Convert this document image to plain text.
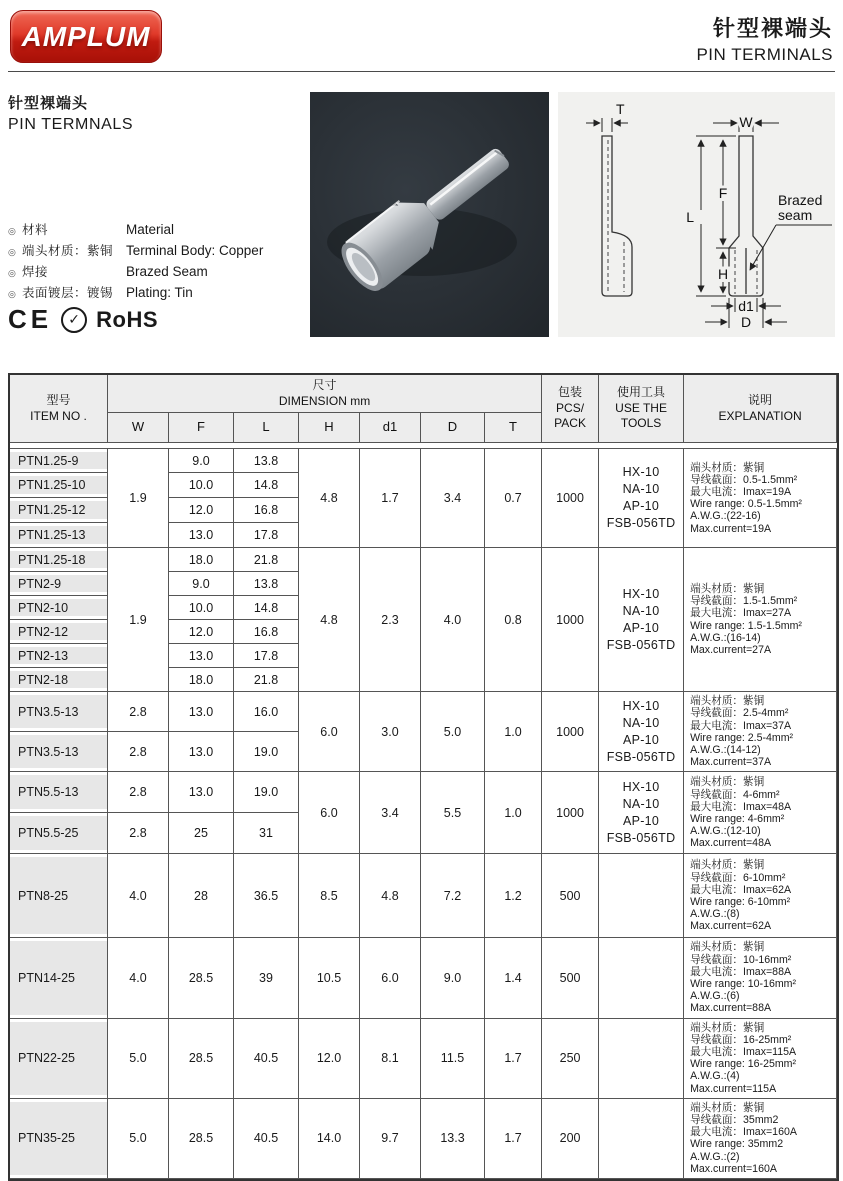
AMPLUM	针型裸端头
PIN TERMINALS
针型裸端头
PIN TERMNALS
◎ 材料	Material
◎ 端头材质：紫铜 Terminal Body: Copper
◎ 焊接	Brazed Seam
◎ 表面镀层：镀锡 Plating: Tin
CE	✓ RoHS
T
W
L
F
H
d1
D
Brazed
seam
型号
ITEM NO .

尺寸
DIMENSION mm

包装
PCS/
PACK

使用工具
USE THE
TOOLS

说明
EXPLANATION

	W	F	L	H	d1	D	T			

PTN1.25-9	1.9	9.0	13.8	4.8	1.7	3.4	0.7	1000	
HX-10
NA-10
AP-10
FSB-056TD

端头材质：紫铜
导线截面：0.5-1.5mm²
最大电流：Imax=19A
Wire range: 0.5-1.5mm²
A.W.G.:(22-16)
Max.current=19A

PTN1.25-10		10.0	14.8							
PTN1.25-12		12.0	16.8							
PTN1.25-13		13.0	17.8							
PTN1.25-18	1.9	18.0	21.8	4.8	2.3	4.0	0.8	1000	
HX-10
NA-10
AP-10
FSB-056TD

端头材质：紫铜
导线截面：1.5-1.5mm²
最大电流：Imax=27A
Wire range: 1.5-1.5mm²
A.W.G.:(16-14)
Max.current=27A

PTN2-9		9.0	13.8							
PTN2-10		10.0	14.8							
PTN2-12		12.0	16.8							
PTN2-13		13.0	17.8							
PTN2-18		18.0	21.8							
PTN3.5-13	2.8	13.0	16.0	6.0	3.0	5.0	1.0	1000	
HX-10
NA-10
AP-10
FSB-056TD

端头材质：紫铜
导线截面：2.5-4mm²
最大电流：Imax=37A
Wire range: 2.5-4mm²
A.W.G.:(14-12)
Max.current=37A

PTN3.5-13	2.8	13.0	19.0							
PTN5.5-13	2.8	13.0	19.0	6.0	3.4	5.5	1.0	1000	
HX-10
NA-10
AP-10
FSB-056TD

端头材质：紫铜
导线截面：4-6mm²
最大电流：Imax=48A
Wire range: 4-6mm²
A.W.G.:(12-10)
Max.current=48A

PTN5.5-25	2.8	25	31							
PTN8-25	4.0	28	36.5	8.5	4.8	7.2	1.2	500		
端头材质：紫铜
导线截面：6-10mm²
最大电流：Imax=62A
Wire range: 6-10mm²
A.W.G.:(8)
Max.current=62A

PTN14-25	4.0	28.5	39	10.5	6.0	9.0	1.4	500		
端头材质：紫铜
导线截面：10-16mm²
最大电流：Imax=88A
Wire range: 10-16mm²
A.W.G.:(6)
Max.current=88A

PTN22-25	5.0	28.5	40.5	12.0	8.1	11.5	1.7	250		
端头材质：紫铜
导线截面：16-25mm²
最大电流：Imax=115A
Wire range: 16-25mm²
A.W.G.:(4)
Max.current=115A

PTN35-25	5.0	28.5	40.5	14.0	9.7	13.3	1.7	200		
端头材质：紫铜
导线截面：35mm2
最大电流：Imax=160A
Wire range: 35mm2
A.W.G.:(2)
Max.current=160A
